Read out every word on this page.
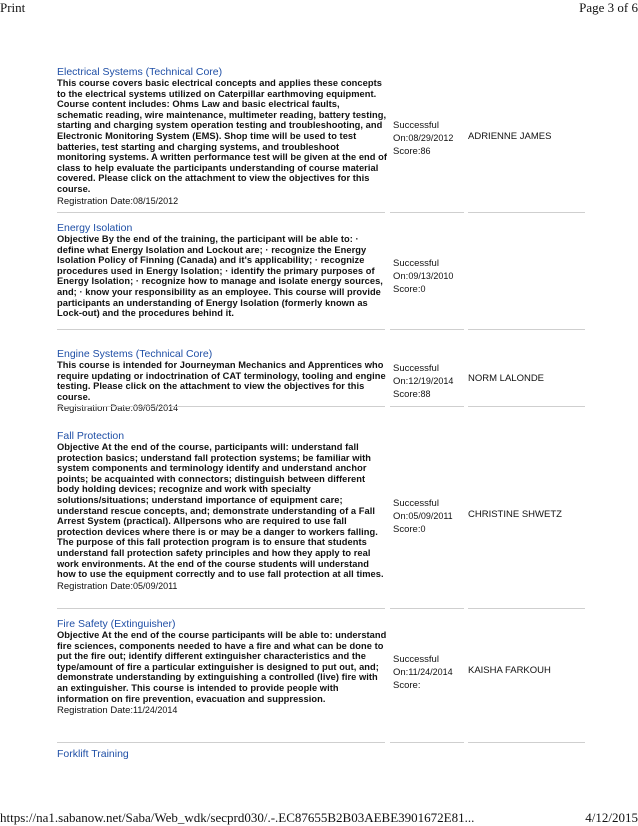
Print	Page 3 of 6
Electrical Systems (Technical Core)
This course covers basic electrical concepts and applies these concepts to the electrical systems utilized on Caterpillar earthmoving equipment. Course content includes: Ohms Law and basic electrical faults, schematic reading, wire maintenance, multimeter reading, battery testing, starting and charging system operation testing and troubleshooting, and Electronic Monitoring System (EMS). Shop time will be used to test batteries, test starting and charging systems, and troubleshoot monitoring systems. A written performance test will be given at the end of class to help evaluate the participants understanding of course material covered. Please click on the attachment to view the objectives for this course.
Registration Date:08/15/2012
Successful
On:08/29/2012
Score:86
ADRIENNE JAMES
Energy Isolation
Objective By the end of the training, the participant will be able to: · define what Energy Isolation and Lockout are; · recognize the Energy Isolation Policy of Finning (Canada) and it's applicability; · recognize procedures used in Energy Isolation; · identify the primary purposes of Energy Isolation; · recognize how to manage and isolate energy sources, and; · know your responsibility as an employee. This course will provide participants an understanding of Energy Isolation (formerly known as Lock-out) and the procedures behind it.
Successful
On:09/13/2010
Score:0
Engine Systems (Technical Core)
This course is intended for Journeyman Mechanics and Apprentices who require updating or indoctrination of CAT terminology, tooling and engine testing. Please click on the attachment to view the objectives for this course.
Registration Date:09/05/2014
Successful
On:12/19/2014
Score:88
NORM LALONDE
Fall Protection
Objective At the end of the course, participants will: understand fall protection basics; understand fall protection systems; be familiar with system components and terminology identify and understand anchor points; be acquainted with connectors; distinguish between different body holding devices; recognize and work with specialty solutions/situations; understand importance of equipment care; understand rescue concepts, and; demonstrate understanding of a Fall Arrest System (practical). Allpersons who are required to use fall protection devices where there is or may be a danger to workers falling. The purpose of this fall protection program is to ensure that students understand fall protection safety principles and how they apply to real work environments. At the end of the course students will understand how to use the equipment correctly and to use fall protection at all times.
Registration Date:05/09/2011
Successful
On:05/09/2011
Score:0
CHRISTINE SHWETZ
Fire Safety (Extinguisher)
Objective At the end of the course participants will be able to: understand fire sciences, components needed to have a fire and what can be done to put the fire out; identify different extinguisher characteristics and the type/amount of fire a particular extinguisher is designed to put out, and; demonstrate understanding by extinguishing a controlled (live) fire with an extinguisher. This course is intended to provide people with information on fire prevention, evacuation and suppression.
Registration Date:11/24/2014
Successful
On:11/24/2014
Score:
KAISHA FARKOUH
Forklift Training
https://na1.sabanow.net/Saba/Web_wdk/secprd030/.-.EC87655B2B03AEBE3901672E81...	4/12/2015
